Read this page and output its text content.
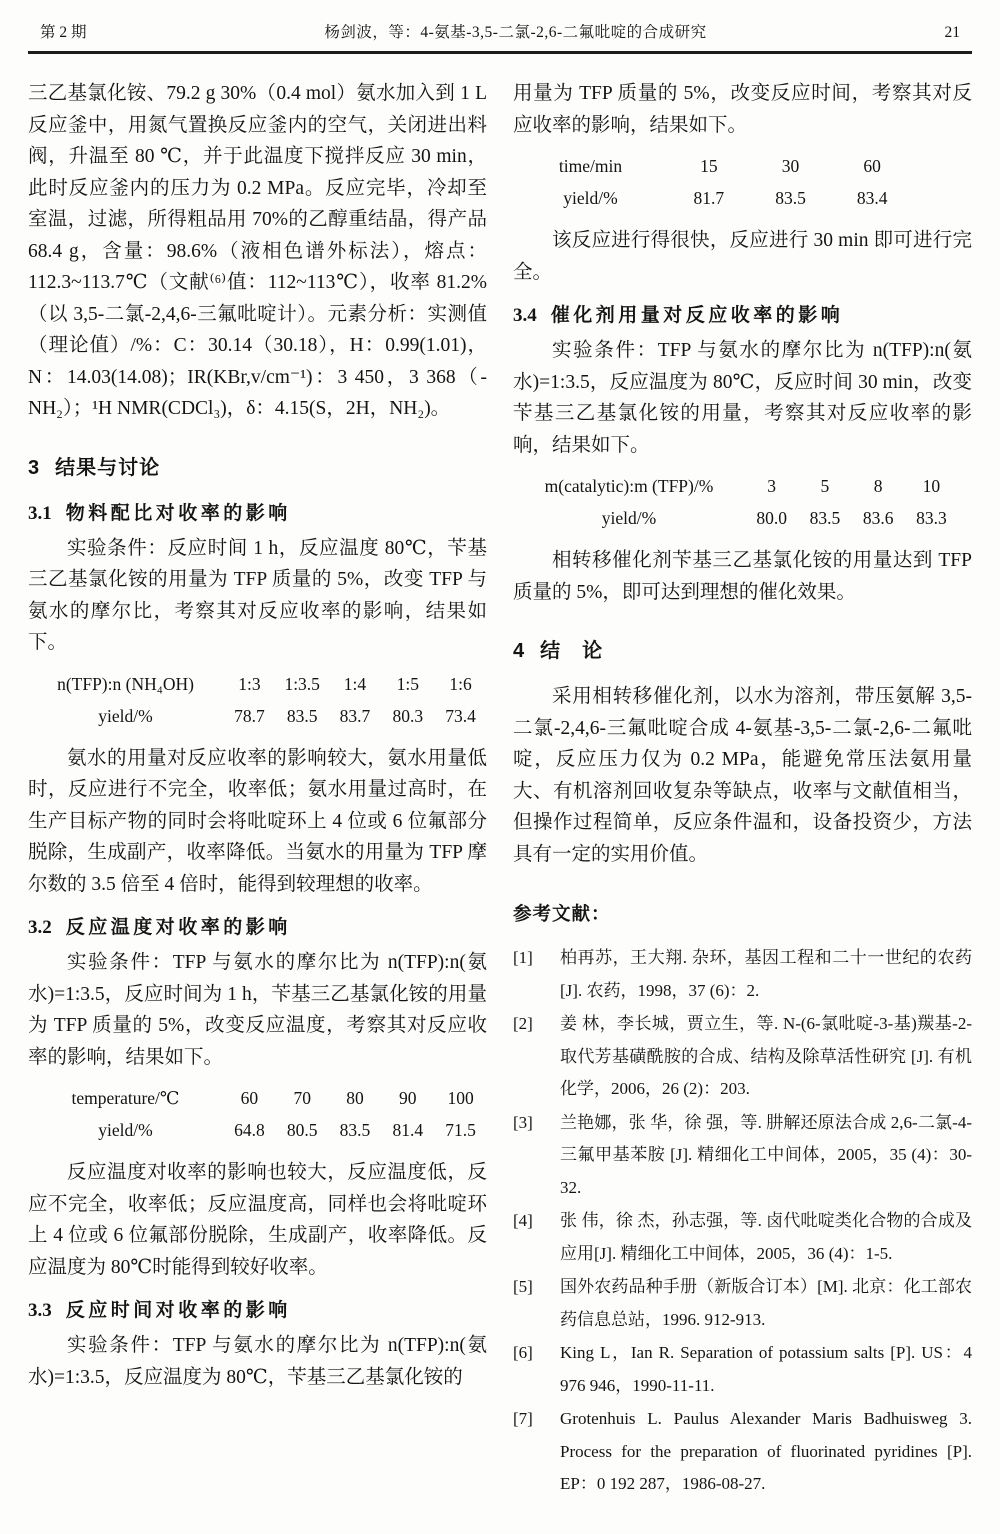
第 2 期	杨剑波，等：4-氨基-3,5-二氯-2,6-二氟吡啶的合成研究	21

三乙基氯化铵、79.2 g 30%（0.4 mol）氨水加入到 1 L 反应釜中，用氮气置换反应釜内的空气，关闭进出料阀，升温至 80 ℃，并于此温度下搅拌反应 30 min，此时反应釜内的压力为 0.2 MPa。反应完毕，冷却至室温，过滤，所得粗品用 70%的乙醇重结晶，得产品 68.4 g，含量：98.6%（液相色谱外标法），熔点：112.3~113.7℃（文献⁽⁶⁾值：112~113℃），收率 81.2%（以 3,5-二氯-2,4,6-三氟吡啶计）。元素分析：实测值（理论值）/%：C：30.14（30.18），H：0.99(1.01)，N：14.03(14.08)；IR(KBr,v/cm⁻¹)：3 450，3 368（-NH₂）；¹H NMR(CDCl₃)，δ：4.15(S，2H，NH₂)。

3 结果与讨论
3.1 物料配比对收率的影响

实验条件：反应时间 1 h，反应温度 80℃，苄基三乙基氯化铵的用量为 TFP 质量的 5%，改变 TFP 与氨水的摩尔比，考察其对反应收率的影响，结果如下。

n(TFP):n (NH₄OH)	1:3	1:3.5	1:4	1:5	1:6
yield/%	78.7	83.5	83.7	80.3	73.4

氨水的用量对反应收率的影响较大，氨水用量低时，反应进行不完全，收率低；氨水用量过高时，在生产目标产物的同时会将吡啶环上 4 位或 6 位氟部分脱除，生成副产，收率降低。当氨水的用量为 TFP 摩尔数的 3.5 倍至 4 倍时，能得到较理想的收率。

3.2 反应温度对收率的影响

实验条件：TFP 与氨水的摩尔比为 n(TFP):n(氨水)=1:3.5，反应时间为 1 h，苄基三乙基氯化铵的用量为 TFP 质量的 5%，改变反应温度，考察其对反应收率的影响，结果如下。

temperature/℃	60	70	80	90	100
yield/%	64.8	80.5	83.5	81.4	71.5

反应温度对收率的影响也较大，反应温度低，反应不完全，收率低；反应温度高，同样也会将吡啶环上 4 位或 6 位氟部份脱除，生成副产，收率降低。反应温度为 80℃时能得到较好收率。

3.3 反应时间对收率的影响

实验条件：TFP 与氨水的摩尔比为 n(TFP):n(氨水)=1:3.5，反应温度为 80℃，苄基三乙基氯化铵的

用量为 TFP 质量的 5%，改变反应时间，考察其对反应收率的影响，结果如下。

time/min	15	30	60
yield/%	81.7	83.5	83.4

该反应进行得很快，反应进行 30 min 即可进行完全。

3.4 催化剂用量对反应收率的影响

实验条件：TFP 与氨水的摩尔比为 n(TFP):n(氨水)=1:3.5，反应温度为 80℃，反应时间 30 min，改变苄基三乙基氯化铵的用量，考察其对反应收率的影响，结果如下。

m(catalytic):m (TFP)/%	3	5	8	10
yield/%	80.0	83.5	83.6	83.3

相转移催化剂苄基三乙基氯化铵的用量达到 TFP 质量的 5%，即可达到理想的催化效果。

4 结　论

采用相转移催化剂，以水为溶剂，带压氨解 3,5-二氯-2,4,6-三氟吡啶合成 4-氨基-3,5-二氯-2,6-二氟吡啶，反应压力仅为 0.2 MPa，能避免常压法氨用量大、有机溶剂回收复杂等缺点，收率与文献值相当，但操作过程简单，反应条件温和，设备投资少，方法具有一定的实用价值。

参考文献：
[1]	柏再苏，王大翔. 杂环，基因工程和二十一世纪的农药[J]. 农药，1998，37 (6)：2.
[2]	姜 林，李长城，贾立生，等. N-(6-氯吡啶-3-基)羰基-2-取代芳基磺酰胺的合成、结构及除草活性研究 [J]. 有机化学，2006，26 (2)：203.
[3]	兰艳娜，张 华，徐 强，等. 肼解还原法合成 2,6-二氯-4-三氟甲基苯胺 [J]. 精细化工中间体，2005，35 (4)：30-32.
[4]	张 伟，徐 杰，孙志强，等. 卤代吡啶类化合物的合成及应用[J]. 精细化工中间体，2005，36 (4)：1-5.
[5]	国外农药品种手册（新版合订本）[M]. 北京：化工部农药信息总站，1996. 912-913.
[6]	King L，Ian R. Separation of potassium salts [P]. US：4 976 946，1990-11-11.
[7]	Grotenhuis L. Paulus Alexander Maris Badhuisweg 3. Process for the preparation of fluorinated pyridines [P]. EP：0 192 287，1986-08-27.
